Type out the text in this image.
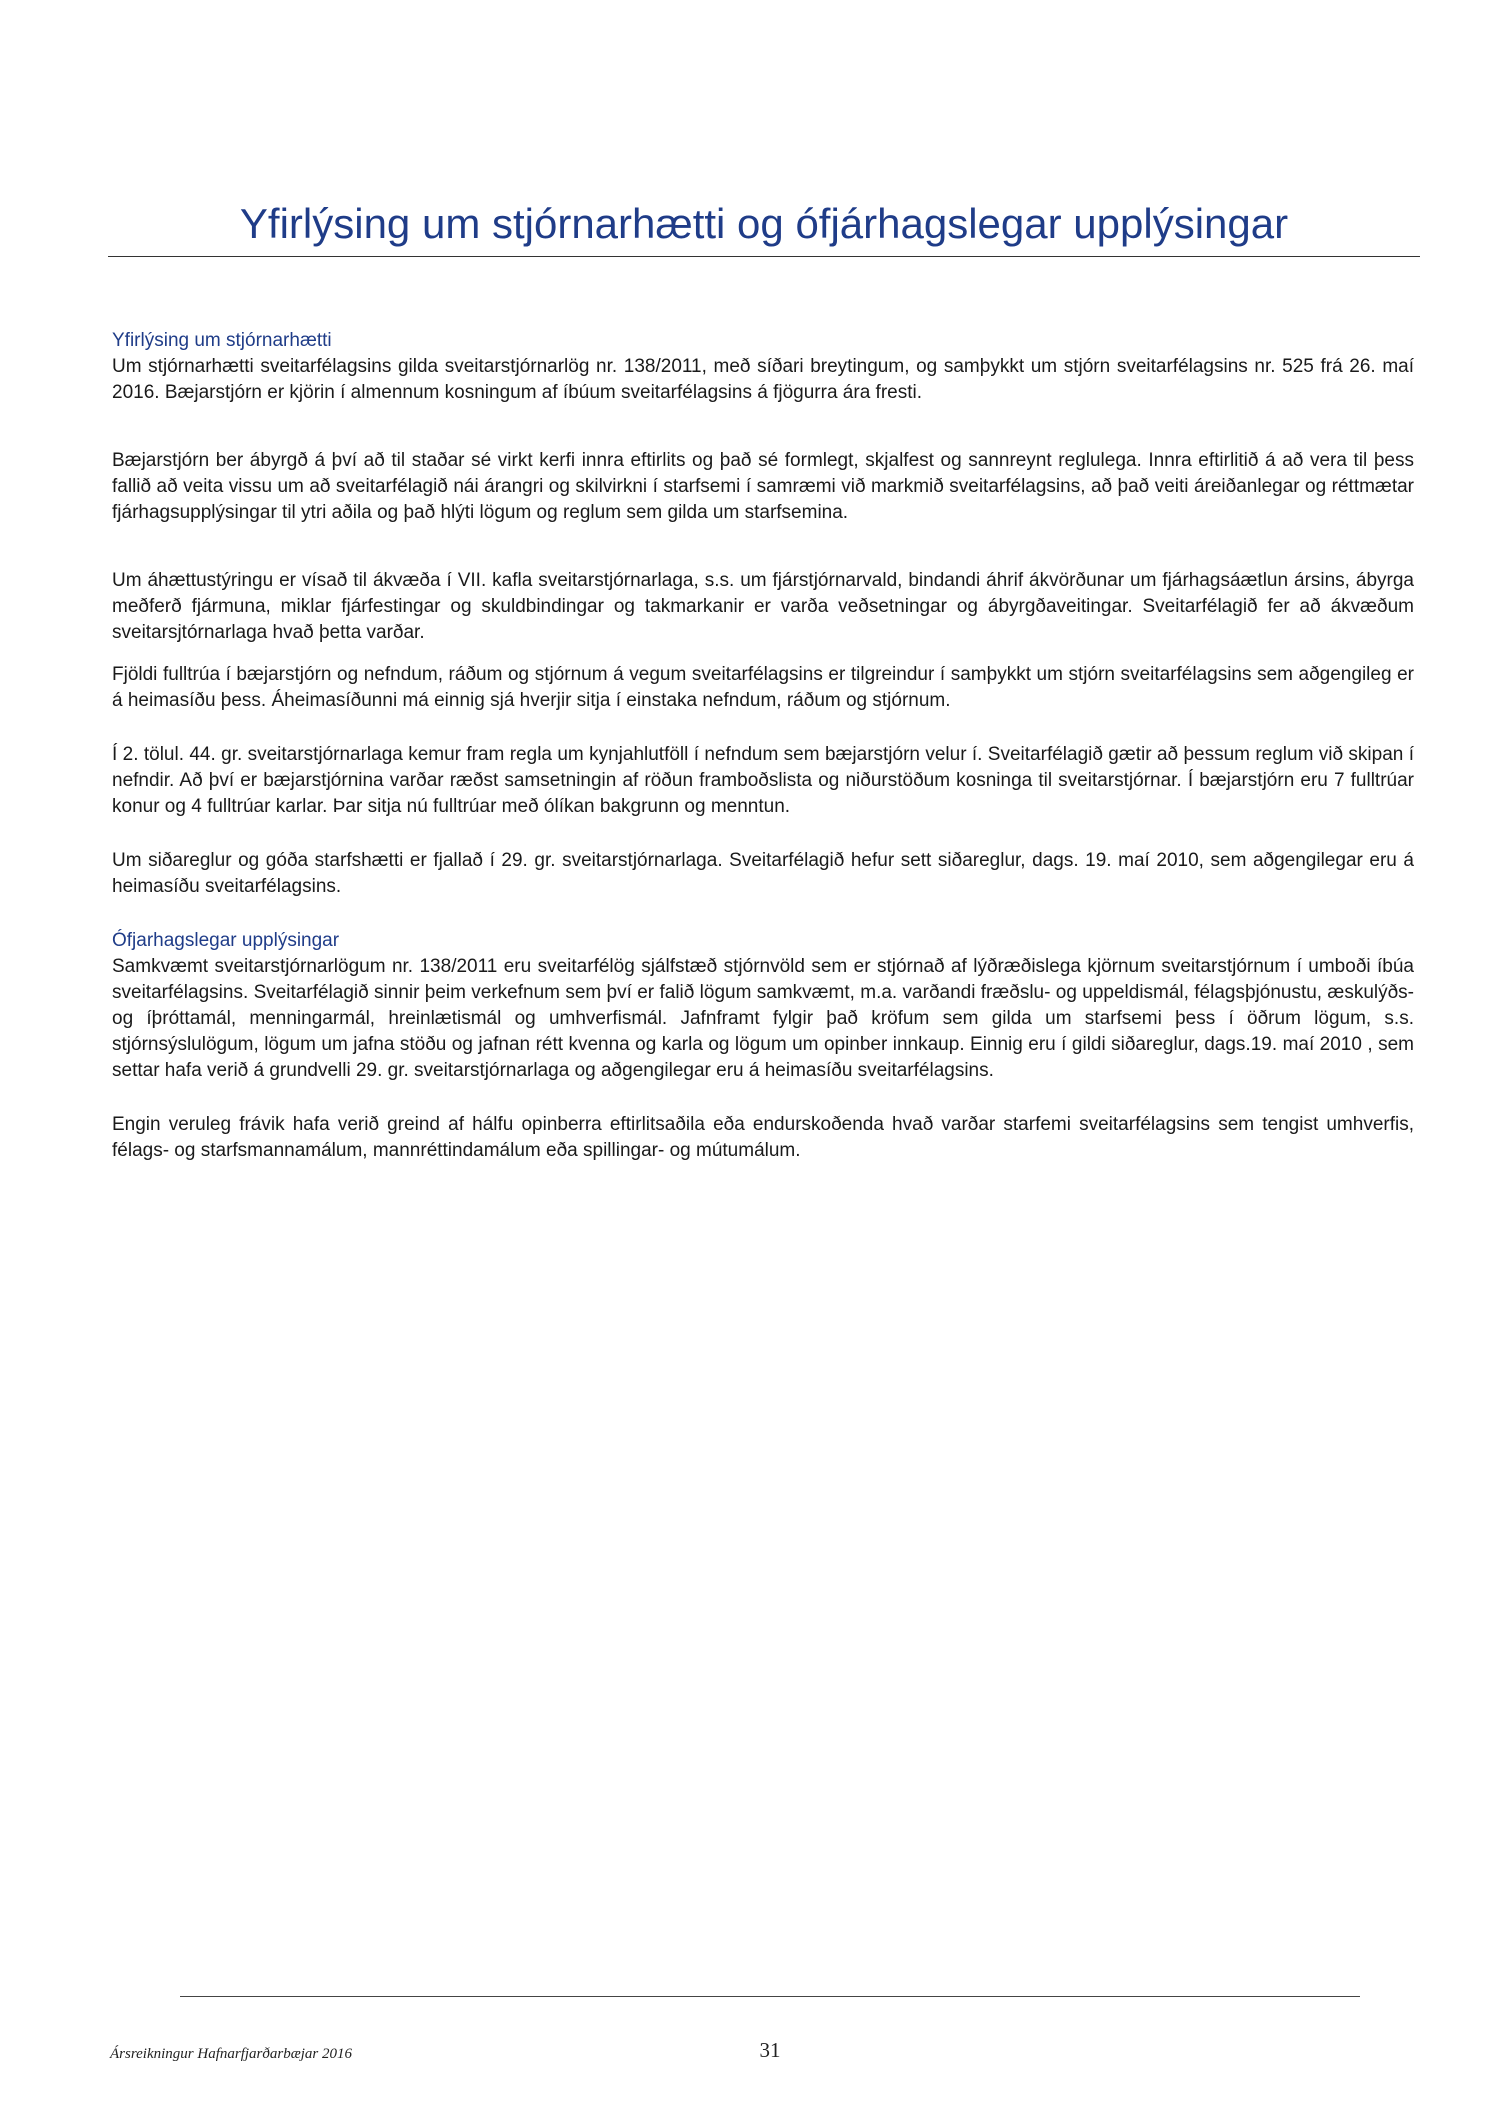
Yfirlýsing um stjórnarhætti og ófjárhagslegar upplýsingar
Yfirlýsing um stjórnarhætti

Um stjórnarhætti sveitarfélagsins gilda sveitarstjórnarlög nr. 138/2011, með síðari breytingum, og samþykkt um stjórn sveitarfélagsins nr. 525 frá 26. maí 2016. Bæjarstjórn er kjörin í almennum kosningum af íbúum sveitarfélagsins á fjögurra ára fresti.

Bæjarstjórn ber ábyrgð á því að til staðar sé virkt kerfi innra eftirlits og það sé formlegt, skjalfest og sannreynt reglulega. Innra eftirlitið á að vera til þess fallið að veita vissu um að sveitarfélagið nái árangri og skilvirkni í starfsemi í samræmi við markmið sveitarfélagsins, að það veiti áreiðanlegar og réttmætar fjárhagsupplýsingar til ytri aðila og það hlýti lögum og reglum sem gilda um starfsemina.

Um áhættustýringu er vísað til ákvæða í VII. kafla sveitarstjórnarlaga, s.s. um fjárstjórnarvald, bindandi áhrif ákvörðunar um fjárhagsáætlun ársins, ábyrga meðferð fjármuna, miklar fjárfestingar og skuldbindingar og takmarkanir er varða veðsetningar og ábyrgðaveitingar. Sveitarfélagið fer að ákvæðum sveitarsjtórnarlaga hvað þetta varðar.

Fjöldi fulltrúa í bæjarstjórn og nefndum, ráðum og stjórnum á vegum sveitarfélagsins er tilgreindur í samþykkt um stjórn sveitarfélagsins sem aðgengileg er á heimasíðu þess. Áheimasíðunni má einnig sjá hverjir sitja í einstaka nefndum, ráðum og stjórnum.

Í 2. tölul. 44. gr. sveitarstjórnarlaga kemur fram regla um kynjahlutföll í nefndum sem bæjarstjórn velur í. Sveitarfélagið gætir að þessum reglum við skipan í nefndir. Að því er bæjarstjórnina varðar ræðst samsetningin af röðun framboðslista og niðurstöðum kosninga til sveitarstjórnar. Í bæjarstjórn eru 7 fulltrúar konur og 4 fulltrúar karlar. Þar sitja nú fulltrúar með ólíkan bakgrunn og menntun.

Um siðareglur og góða starfshætti er fjallað í 29. gr. sveitarstjórnarlaga. Sveitarfélagið hefur sett siðareglur, dags. 19. maí 2010, sem aðgengilegar eru á heimasíðu sveitarfélagsins.

Ófjarhagslegar upplýsingar

Samkvæmt sveitarstjórnarlögum nr. 138/2011 eru sveitarfélög sjálfstæð stjórnvöld sem er stjórnað af lýðræðislega kjörnum sveitarstjórnum í umboði íbúa sveitarfélagsins. Sveitarfélagið sinnir þeim verkefnum sem því er falið lögum samkvæmt, m.a. varðandi fræðslu- og uppeldismál, félagsþjónustu, æskulýðs- og íþróttamál, menningarmál, hreinlætismál og umhverfismál. Jafnframt fylgir það kröfum sem gilda um starfsemi þess í öðrum lögum, s.s. stjórnsýslulögum, lögum um jafna stöðu og jafnan rétt kvenna og karla og lögum um opinber innkaup. Einnig eru í gildi siðareglur, dags.19. maí 2010 , sem settar hafa verið á grundvelli 29. gr. sveitarstjórnarlaga og aðgengilegar eru á heimasíðu sveitarfélagsins.

Engin veruleg frávik hafa verið greind af hálfu opinberra eftirlitsaðila eða endurskoðenda hvað varðar starfemi sveitarfélagsins sem tengist umhverfis, félags- og starfsmannamálum, mannréttindamálum eða spillingar- og mútumálum.

Ársreikningur Hafnarfjarðarbæjar 2016	31
